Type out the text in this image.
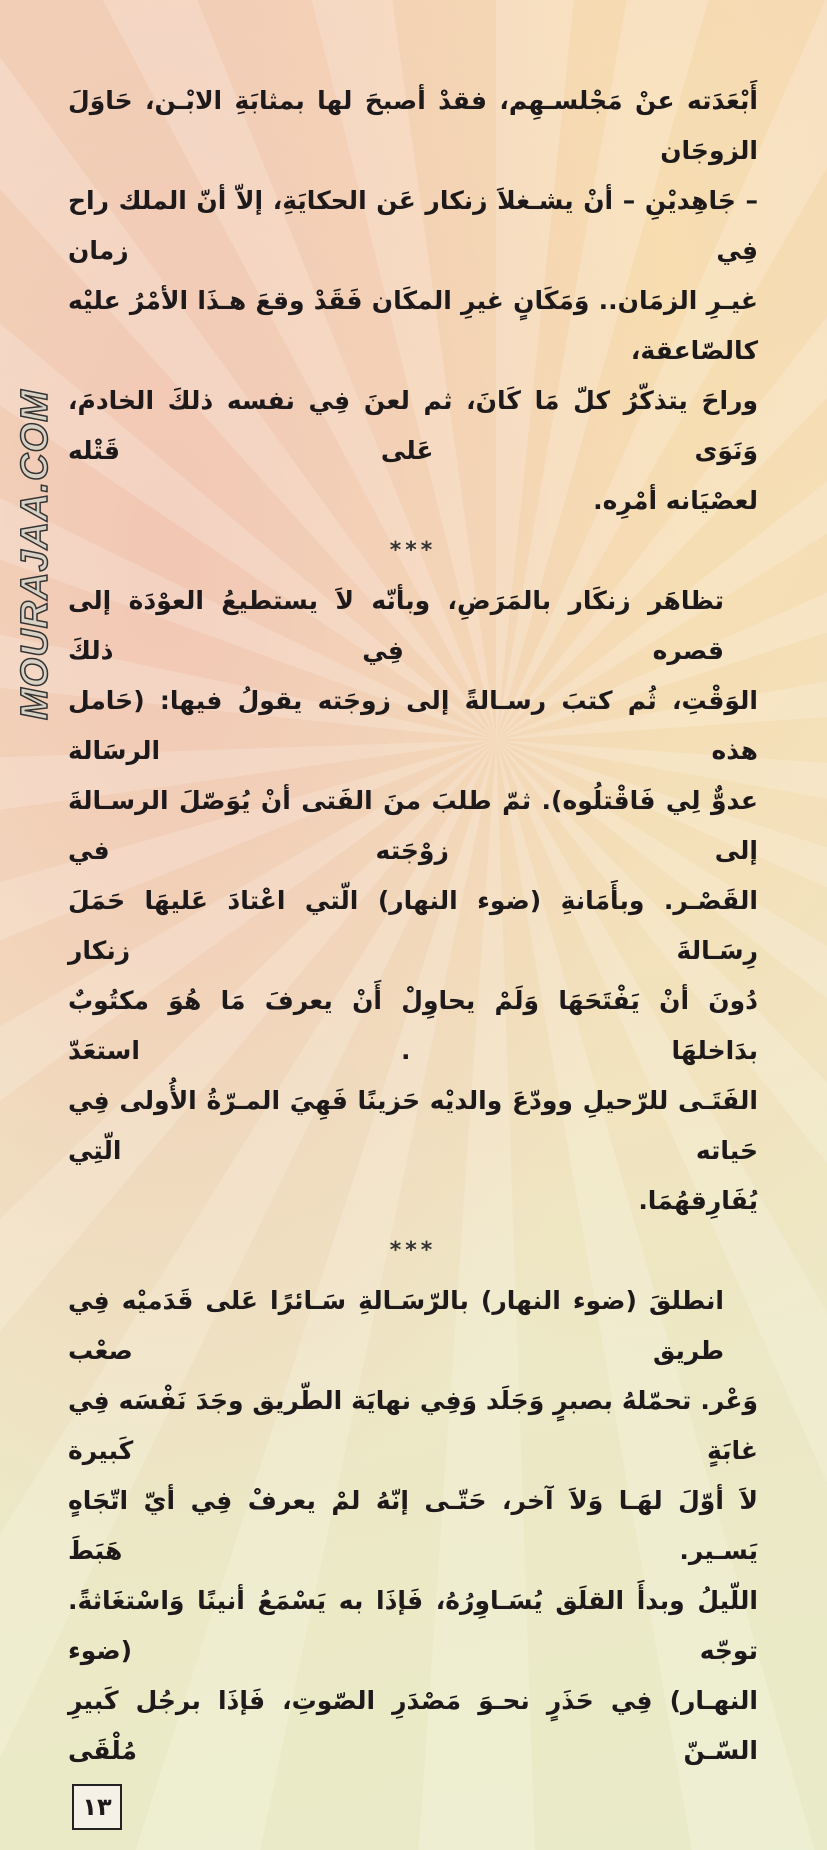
MOURAJAA.COM
أَبْعَدَته عنْ مَجْلسـهِم، فقدْ أصبحَ لها بمثابَةِ الابْـن، حَاوَلَ الزوجَان
– جَاهِديْنِ – أنْ يشـغلاَ زنكار عَن الحكايَةِ، إلاّ أنّ الملك راح فِي زمان
غيـرِ الزمَان.. وَمَكَانٍ غيرِ المكَان فَقَدْ وقعَ هـذَا الأمْرُ عليْه كالصّاعقة،
وراحَ يتذكّرُ كلّ مَا كَانَ، ثم لعنَ فِي نفسه ذلكَ الخادمَ، وَنَوَى عَلى قَتْله
لعصْيَانه أمْرِه.
***
تظاهَر زنكَار بالمَرَضِ، وبأنّه لاَ يستطيعُ العوْدَة إلى قصره فِي ذلكَ
الوَقْتِ، ثُم كتبَ رسـالةً إلى زوجَته يقولُ فيها: (حَامل هذه الرسَالة
عدوٌّ لِي فَاقْتلُوه). ثمّ طلبَ منَ الفَتى أنْ يُوَصّلَ الرسـالةَ إلى زوْجَته في
القَصْـر. وبأَمَانةِ (ضوء النهار) الّتي اعْتادَ عَليهَا حَمَلَ رِسَـالةَ زنكار
دُونَ أنْ يَفْتَحَهَا وَلَمْ يحاوِلْ أَنْ يعرفَ مَا هُوَ مكتُوبٌ بدَاخلهَا . استعَدّ
الفَتَـى للرّحيلِ وودّعَ والديْه حَزينًا فَهِيَ المـرّةُ الأُولى فِي حَياته الّتِي
يُفَارِقهُمَا.
***
انطلقَ (ضوء النهار) بالرّسَـالةِ سَـائرًا عَلى قَدَميْه فِي طريق صعْب
وَعْر. تحمّلهُ بصبرٍ وَجَلَد وَفِي نهايَة الطّريق وجَدَ نَفْسَه فِي غابَةٍ كَبيرة
لاَ أوّلَ لهَـا وَلاَ آخر، حَتّـى إنّهُ لمْ يعرفْ فِي أيّ اتّجَاهٍ يَسـير. هَبَطَ
اللّيلُ وبدأَ القلَق يُسَـاوِرُهُ، فَإذَا به يَسْمَعُ أنينًا وَاسْتغَاثةً. توجّه (ضوء
النهـار) فِي حَذَرٍ نحـوَ مَصْدَرِ الصّوتِ، فَإذَا برجُل كَبيرِ السّـنّ مُلْقَى
١٣
